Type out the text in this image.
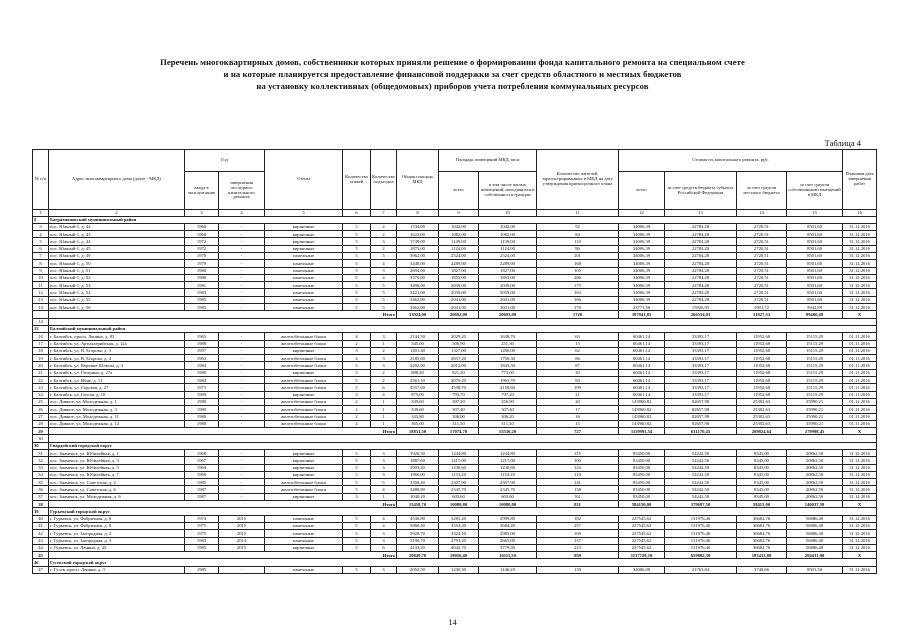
Перечень многоквартирных домов, собственники которых приняли решение о формировании фонда капитального ремонта на специальном счете
и на которые планируется предоставление финансовой поддержки за счет средств областного и местных бюджетов
на установку коллективных (общедомовых) приборов учета потребления коммунальных ресурсов
Таблица 4
№ п/п	Адрес многоквартирного дома (далее - МКД)	Год		Стены	Количество этажей	Количество подъездов	Общая площадь МКД	Площадь помещений МКД, кв.м		Количество жителей, зарегистрированных в МКД на дату утверждения краткосрочного плана	Стоимость капитального ремонта, руб.				Плановая дата завершения работ
		ввода в эксплуатацию	завершения последнего капитального ремонта					всего	в том числе жилых помещений, находящихся в собственности граждан		всего	за счет средств бюджета субъекта Российской Федерации	за счет средств местного бюджета	за счет средств собственников помещений в МКД	
1	2	3	4	5	6	7	8	9	10	11	12	13	14	15	16
2	Багратионовский муниципальный район														
3	пос. Южный-1, д. 42	1960	-	кирпичные	5	2	1744,00	1042,00	1042,00	92	34006,39	22784,28	2720,51	8501,60	31.12.2016
4	пос. Южный-1, д. 43	1960	-	кирпичные	5	2	1622,00	1082,00	1082,00	84	34006,39	22784,28	2720,51	8501,60	31.12.2016
5	пос. Южный-1, д. 44	1972	-	кирпичные	5	3	1749,00	1149,00	1139,00	110	34006,39	22784,28	2720,51	8501,60	31.12.2016
6	пос. Южный-1, д. 45	1972	-	кирпичные	5	2	1875,00	1124,00	1124,00	86	34006,39	22784,28	2720,51	8501,60	31.12.2016
7	пос. Южный-1, д. 49	1978	-	панельные	5	5	3962,00	2524,00	2524,00	201	34006,39	22784,28	2720,51	8501,60	31.12.2016
8	пос. Южный-1, д. 50	1979	-	панельные	5	4	3448,00	2289,00	2289,00	168	34006,39	22784,28	2720,51	8501,60	31.12.2016
9	пос. Южный-1, д. 51	1980	-	панельные	5	3	2694,00	1827,00	1827,00	105	34006,39	22784,28	2720,51	8501,60	31.12.2016
10	пос. Южный-1, д. 52	1980	-	панельные	5	4	3570,00	1855,00	1855,00	206	34006,39	22784,28	2720,51	8501,60	31.12.2016
11	пос. Южный-1, д. 53	1981	-	панельные	5	5	3496,00	2038,00	2039,00	175	34006,39	22784,28	2720,51	8501,60	31.12.2016
12	пос. Южный-1, д. 54	1983	-	панельные	5	5	3421,00	2039,00	2039,00	163	34006,39	22784,28	2720,51	8501,60	31.12.2016
13	пос. Южный-1, д. 55	1985	-	панельные	5	5	3462,00	2041,00	2041,00	166	34006,39	22784,28	2720,51	8501,60	31.12.2016
14	пос. Южный-1, д. 56	1985	-	панельные	5	5	3462,00	2041,00	2041,00	170	23771,56	15926,95	1901,72	5942,89	31.12.2016
	Итого						33924,00	20692,00	20693,00	1728	397841,85	266554,03	31827,33	99460,49	Х
14															
15	Балтийский муниципальный район														
16	г. Балтийск, просп. Ленина, д. 83	1965	-	железобетонные блоки	4	3	2144,50	2029,20	1638,70	63	60461,14	33393,17	11952,68	15115,29	01.11.2016
17	г. Балтийск, ул. Артиллерийская, д. 12а	1988	-	железобетонные блоки	2	1	345,00	300,90	251,30	15	60461,14	33393,17	11952,68	15115,29	01.11.2016
18	г. Балтийск, ул. В. Егорова, д. 3	1957	-	кирпичные	3	2	1401,40	1327,00	1280,00	62	60461,14	33393,17	11952,68	15115,29	01.11.2016
19	г. Балтийск, ул. В. Егорова, д. 4	1963	-	железобетонные блоки	4	3	2185,60	2037,20	1756,30	86	60461,14	33393,17	11952,68	15115,29	01.11.2016
20	г. Балтийск, ул. Верхние Шлюзы, д. 3	1984	-	железобетонные блоки	5	3	2202,00	2012,00	1843,30	87	60461,14	33393,17	11952,68	15115,29	01.11.2016
21	г. Балтийск, ул. Гагарина, д. 27а	1980	-	кирпичные	3	2	888,20	821,20	773,00	30	60461,14	33393,17	11952,68	15115,29	01.11.2016
22	г. Балтийск, ул. Ичне, д. 11	1984	-	железобетонные блоки	5	2	2561,10	2079,20	1965,70	84	60461,14	33393,17	11952,68	15115,29	01.11.2016
23	г. Балтийск, ул. Садовая, д. 27	1975	-	железобетонные блоки	5	6	4557,60	4538,70	4158,60	199	60461,14	33393,17	11952,68	15115,29	01.11.2016
24	г. Балтийск, ул. Гоголя, д. 10	1989	-	кирпичные	3	4	875,00	793,70	797,20	21	60461,14	33393,17	11952,68	15115,29	01.11.2016
25	пос. Дивное, ул. Молодежная, д. 1	1980	-	железобетонные блоки	2	1	339,60	307,20	256,90	20	143960,82	82657,98	25302,63	35990,21	01.11.2016
26	пос. Дивное, ул. Молодежная, д. 3	1980	-	железобетонные блоки	2	1	339,60	307,40	307,40	17	143960,82	82657,98	25302,63	35990,21	01.11.2016
27	пос. Дивное, ул. Молодежная, д. 11	1980	-	железобетонные блоки	2	1	343,80	306,00	306,20	16	143960,82	82657,98	25302,63	35990,21	01.11.2016
28	пос. Дивное, ул. Молодежная, д. 12	1980	-	железобетонные блоки	2	1	365,00	311,30	311,30	15	143960,82	82657,98	25302,63	35990,21	01.11.2016
29	Итого						18831,50	17074,70	15536,20	727	1119993,54	631170,45	209824,64	279998,45	Х
30															
30	Гвардейский городской округ														
31	пос. Знаменск, ул. Юбилейная, д. 1	1968	-	кирпичные	5	3	1920,50	1244,80	1244,80	115	83450,00	54242,50	8345,00	20862,50	31.12.2016
32	пос. Знаменск, ул. Юбилейная, д. 3	1967	-	кирпичные	5	3	1887,60	1217,00	1217,00	100	83450,00	54242,50	8345,00	20862,50	31.12.2016
33	пос. Знаменск, ул. Юбилейная, д. 5	1969	-	кирпичные	5	3	1903,20	1230,60	1230,60	123	83450,00	54242,50	8345,00	20862,50	31.12.2016
34	пос. Знаменск, ул. Юбилейная, д. 7	1969	-	кирпичные	5	3	1860,00	1153,20	1153,20	110	83450,00	54242,50	8345,00	20862,50	31.12.2016
35	пос. Знаменск, ул. Советская, д. 2	1985	-	железобетонные блоки	5	5	3358,40	2307,90	2307,90	141	83450,00	54242,50	8345,00	20862,50	31.12.2016
36	пос. Знаменск, ул. Советская, д. 6	1987	-	железобетонные блоки	5	4	3488,80	2345,70	2345,70	138	83450,00	54242,50	8345,00	20862,50	31.12.2016
37	пос. Знаменск, ул. Молодежная, д. 6	1987	-	кирпичные	3	1	1040,20	603,60	603,60	84	83450,00	54242,50	8345,00	20862,50	31.12.2016
38	Итого						15458,70	10080,80	10080,80	831	584150,00	379697,50	58415,00	146037,50	Х
39	Гурьевский городской округ														
40	г. Гурьевск, ул. Фабричная, д. 6	1974	2015	панельные	5	4	4536,80	3285,20	2999,80	182	227545,62	131976,46	36682,76	56886,40	31.12.2016
41	г. Гурьевск, ул. Фабричная, д. 8	1975	2015	панельные	5	4	5060,40	3554,20	3684,20	257	227545,62	131976,46	36682,76	56886,40	31.12.2016
42	г. Гурьевск, ул. Загородная, д. 2	1975	2015	панельные	5	3	3928,70	3324,10	2983,00	169	227545,62	131976,46	36682,76	56886,40	31.12.2016
43	г. Гурьевск, ул. Загородная, д. 3	1983	2014	панельные	5	3	3190,70	2793,20	2665,00	137	227545,62	131976,46	36682,76	56886,40	31.12.2016
44	г. Гурьевск, ул. Ленина, д. 45	1985	2015	кирпичные	5	6	4133,20	4042,70	3779,50	213	227545,62	131976,46	36682,76	56886,40	31.12.2016
45	Итого						20849,70	18056,40	16111,50	959	1137728,10	659882,30	183413,80	284431,00	Х
46	Гусевский городской округ														
47	г. Гусев, просп. Ленина, д. 3	1985	-	панельные	5	3	2052,50	1230,30	1146,20	139	34006,00	21763,84	3740,66	8501,50	31.12.2016
14
